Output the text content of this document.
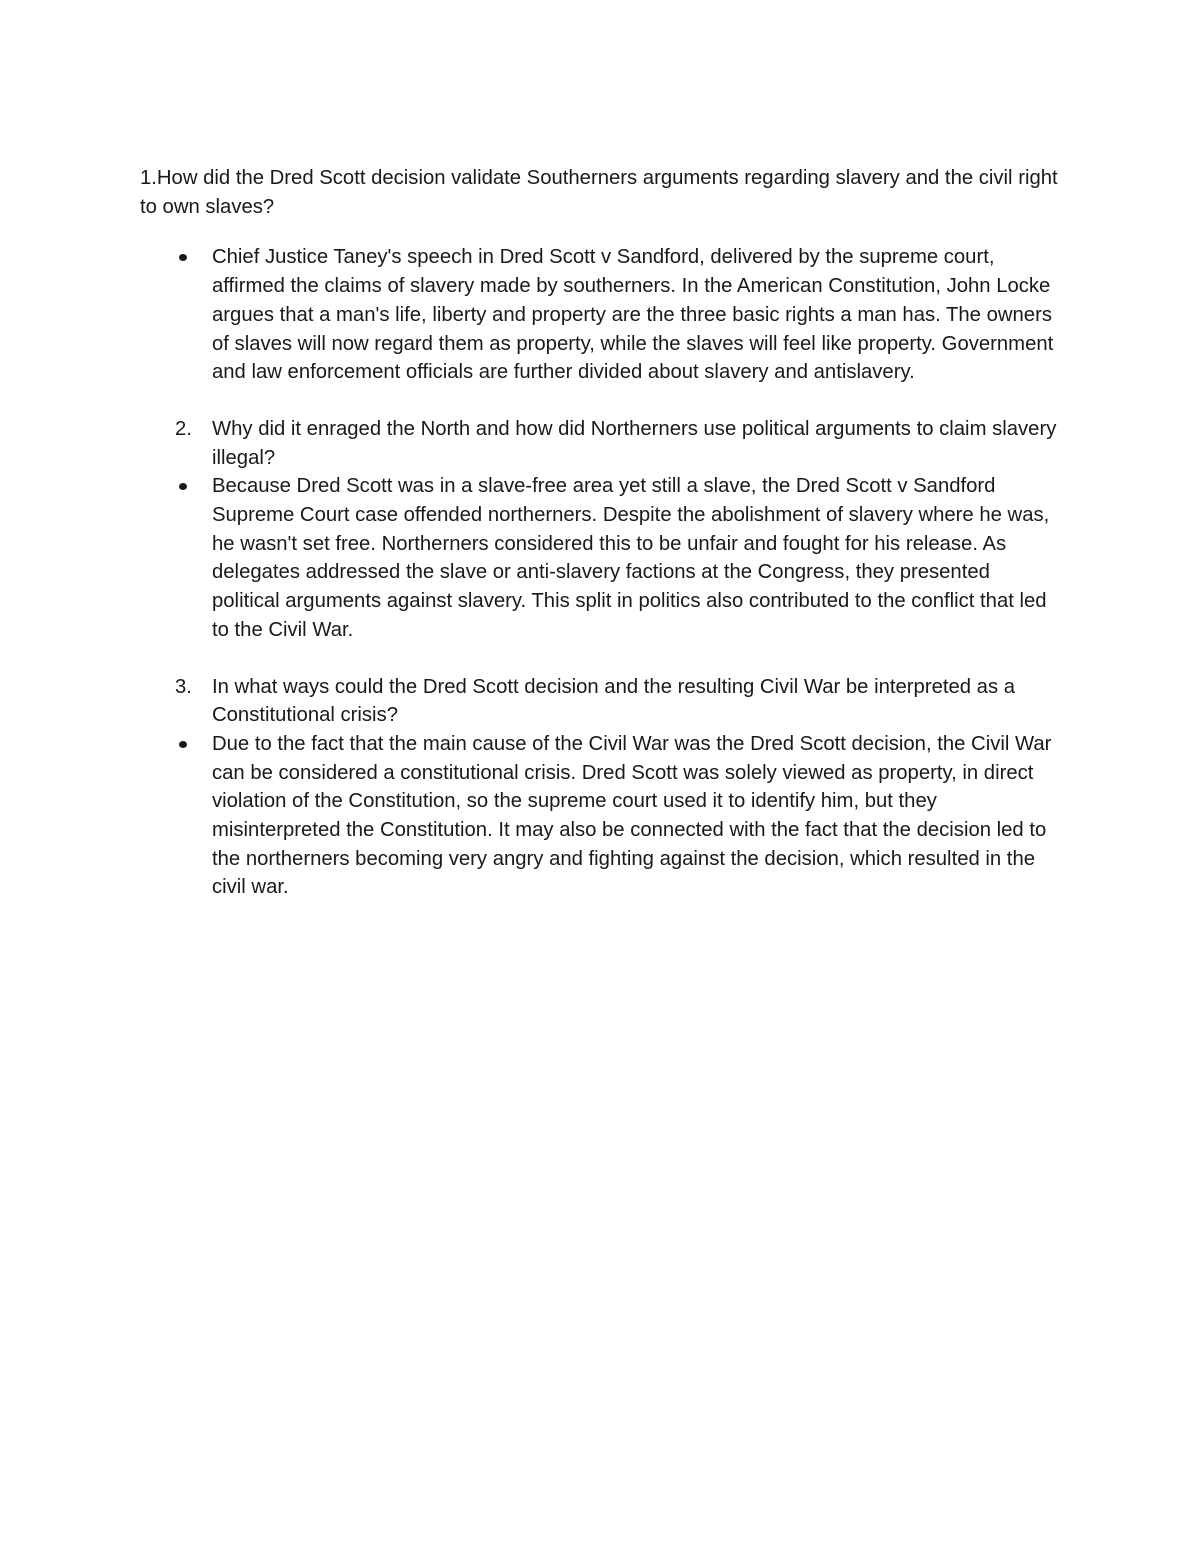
1.How did the Dred Scott decision validate Southerners arguments regarding slavery and the civil right to own slaves?

Chief Justice Taney's speech in Dred Scott v Sandford, delivered by the supreme court, affirmed the claims of slavery made by southerners. In the American Constitution, John Locke argues that a man's life, liberty and property are the three basic rights a man has. The owners of slaves will now regard them as property, while the slaves will feel like property. Government and law enforcement officials are further divided about slavery and antislavery.
2. Why did it enraged the North and how did Northerners use political arguments to claim slavery illegal?
Because Dred Scott was in a slave-free area yet still a slave, the Dred Scott v Sandford Supreme Court case offended northerners. Despite the abolishment of slavery where he was, he wasn't set free. Northerners considered this to be unfair and fought for his release. As delegates addressed the slave or anti-slavery factions at the Congress, they presented political arguments against slavery. This split in politics also contributed to the conflict that led to the Civil War.
3. In what ways could the Dred Scott decision and the resulting Civil War be interpreted as a Constitutional crisis?
Due to the fact that the main cause of the Civil War was the Dred Scott decision, the Civil War can be considered a constitutional crisis. Dred Scott was solely viewed as property, in direct violation of the Constitution, so the supreme court used it to identify him, but they misinterpreted the Constitution. It may also be connected with the fact that the decision led to the northerners becoming very angry and fighting against the decision, which resulted in the civil war.
